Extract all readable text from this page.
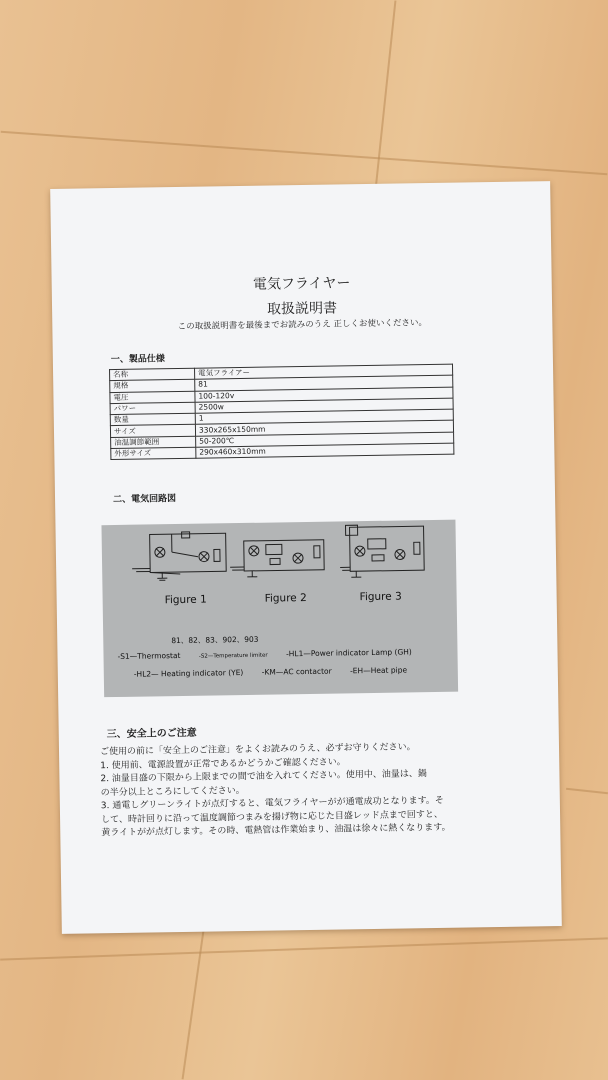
電気フライヤー
取扱説明書
この取扱説明書を最後までお読みのうえ 正しくお使いください。
一、製品仕様
名称	電気フライアー
規格	81
電圧	100-120v
パワー	2500w
数量	1
サイズ	330x265x150mm
油温調節範囲	50-200℃
外形サイズ	290x460x310mm
二、電気回路図
Figure 1	Figure 2	Figure 3
81、82、83、902、903
-S1—Thermostat	-S2—Temperature limiter -HL1—Power indicator Lamp (GH)
-HL2— Heating indicator (YE) -KM—AC contactor -EH—Heat pipe
三、安全上のご注意
ご使用の前に「安全上のご注意」をよくお読みのうえ、必ずお守りください。
1. 使用前、電源設置が正常であるかどうかご確認ください。
2. 油量目盛の下限から上限までの間で油を入れてください。使用中、油量は、鍋
の半分以上ところにしてください。
3. 通電しグリーンライトが点灯すると、電気フライヤーがが通電成功となります。そ
して、時計回りに沿って温度調節つまみを揚げ物に応じた目盛レッド点まで回すと、
黄ライトがが点灯します。その時、電熱管は作業始まり、油温は徐々に熱くなります。
